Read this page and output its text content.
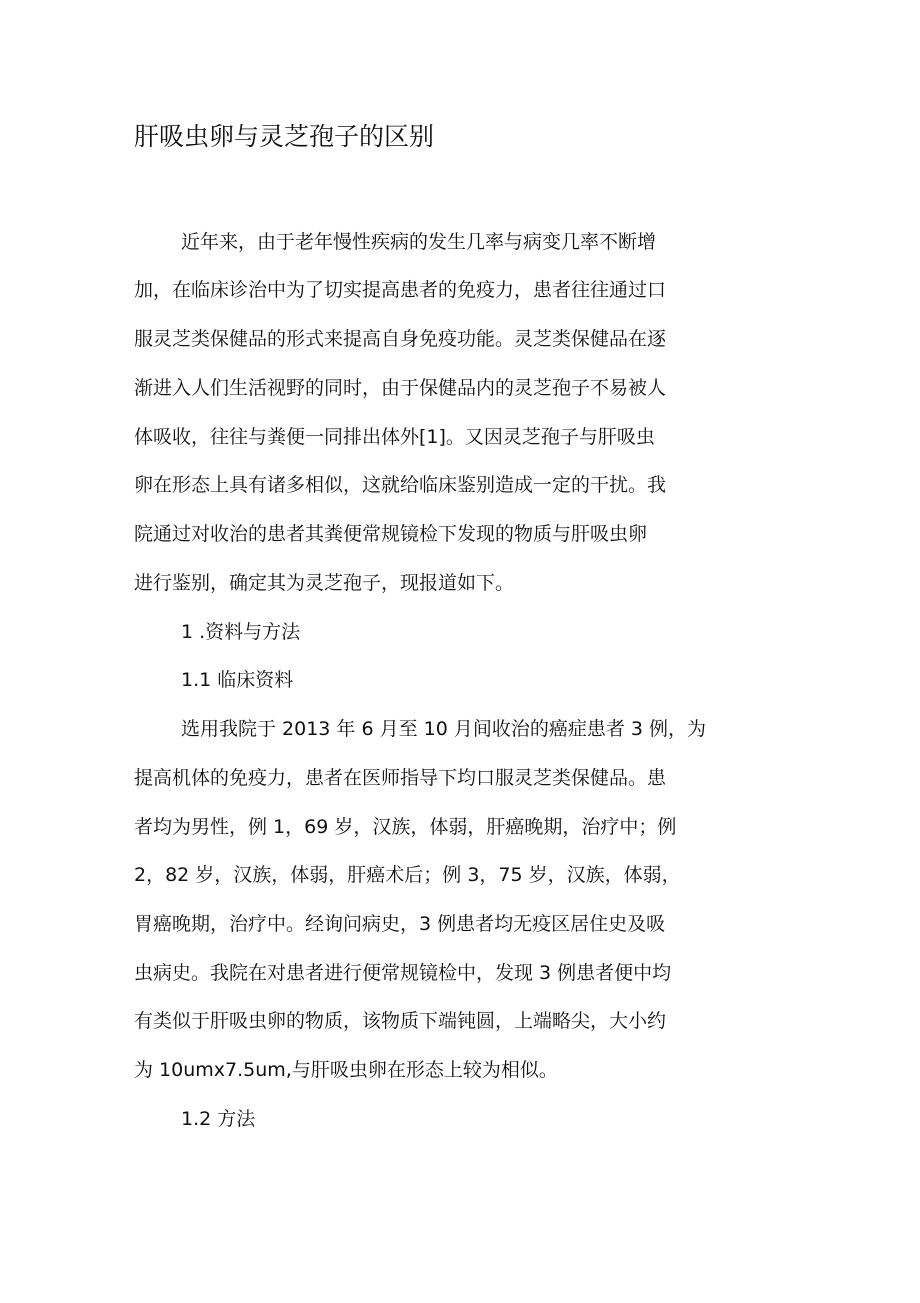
肝吸虫卵与灵芝孢子的区别

近年来，由于老年慢性疾病的发生几率与病变几率不断增

加，在临床诊治中为了切实提高患者的免疫力，患者往往通过口

服灵芝类保健品的形式来提高自身免疫功能。灵芝类保健品在逐

渐进入人们生活视野的同时，由于保健品内的灵芝孢子不易被人

体吸收，往往与粪便一同排出体外[1]。又因灵芝孢子与肝吸虫

卵在形态上具有诸多相似，这就给临床鉴别造成一定的干扰。我

院通过对收治的患者其粪便常规镜检下发现的物质与肝吸虫卵

进行鉴别，确定其为灵芝孢子，现报道如下。

1 .资料与方法
1.1 临床资料

选用我院于 2013 年 6 月至 10 月间收治的癌症患者 3 例，为

提高机体的免疫力，患者在医师指导下均口服灵芝类保健品。患

者均为男性，例 1，69 岁，汉族，体弱，肝癌晚期，治疗中；例

2，82 岁，汉族，体弱，肝癌术后；例 3，75 岁，汉族，体弱，

胃癌晚期，治疗中。经询问病史，3 例患者均无疫区居住史及吸

虫病史。我院在对患者进行便常规镜检中，发现 3 例患者便中均

有类似于肝吸虫卵的物质，该物质下端钝圆，上端略尖，大小约

为 10umx7.5um,与肝吸虫卵在形态上较为相似。

1.2 方法
